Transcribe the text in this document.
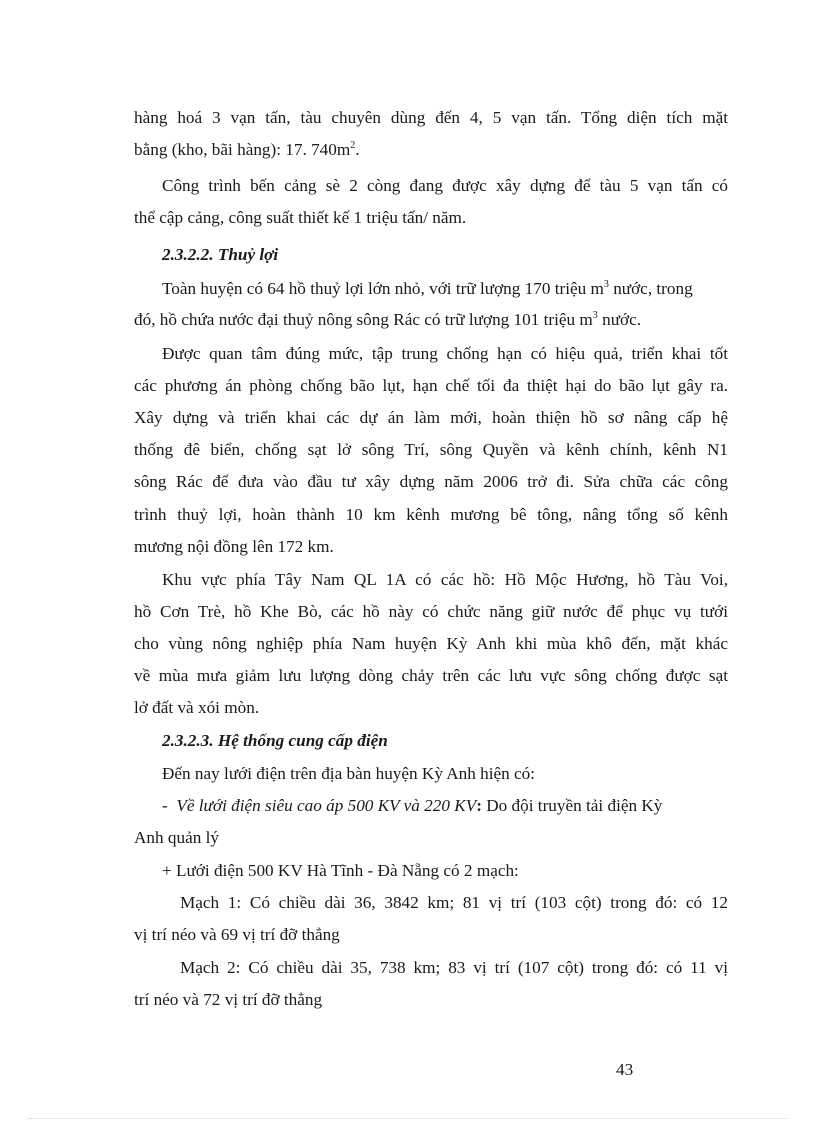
hàng hoá 3 vạn tấn, tàu chuyên dùng đến 4, 5 vạn tấn. Tổng diện tích mặt
bằng (kho, bãi hàng): 17. $740m^2$.
Công trình bến cảng sè 2 còng đang được xây dựng để tàu 5 vạn tấn có
thể cập cảng, công suất thiết kế 1 triệu tấn/ năm.
2.3.2.2. Thuỷ lợi
Toàn huyện có 64 hồ thuỷ lợi lớn nhỏ, với trữ lượng 170 triệu $m^3$ nước, trong
đó, hồ chứa nước đại thuỷ nông sông Rác có trữ lượng 101 triệu $m^3$ nước.
Được quan tâm đúng mức, tập trung chống hạn có hiệu quả, triển khai tốt
các phương án phòng chống bão lụt, hạn chế tối đa thiệt hại do bão lụt gây ra.
Xây dựng và triển khai các dự án làm mới, hoàn thiện hồ sơ nâng cấp hệ
thống đê biển, chống sạt lở sông Trí, sông Quyền và kênh chính, kênh N1
sông Rác để đưa vào đầu tư xây dựng năm 2006 trở đi. Sửa chữa các công
trình thuỷ lợi, hoàn thành 10 km kênh mương bê tông, nâng tổng số kênh
mương nội đồng lên 172 km.
Khu vực phía Tây Nam QL 1A có các hồ: Hồ Mộc Hương, hồ Tàu Voi,
hồ Cơn Trè, hồ Khe Bò, các hồ này có chức năng giữ nước để phục vụ tưới
cho vùng nông nghiệp phía Nam huyện Kỳ Anh khi mùa khô đến, mặt khác
về mùa mưa giảm lưu lượng dòng chảy trên các lưu vực sông chống được sạt
lở đất và xói mòn.
2.3.2.3. Hệ thống cung cấp điện
Đến nay lưới điện trên địa bàn huyện Kỳ Anh hiện có:
- Về lưới điện siêu cao áp 500 KV và 220 KV: Do đội truyền tải điện Kỳ
Anh quản lý
+ Lưới điện 500 KV Hà Tĩnh - Đà Nẵng có 2 mạch:
Mạch 1: Có chiều dài 36, 3842 km; 81 vị trí (103 cột) trong đó: có 12
vị trí néo và 69 vị trí đỡ thẳng
Mạch 2: Có chiều dài 35, 738 km; 83 vị trí (107 cột) trong đó: có 11 vị
trí néo và 72 vị trí đỡ thẳng
43
